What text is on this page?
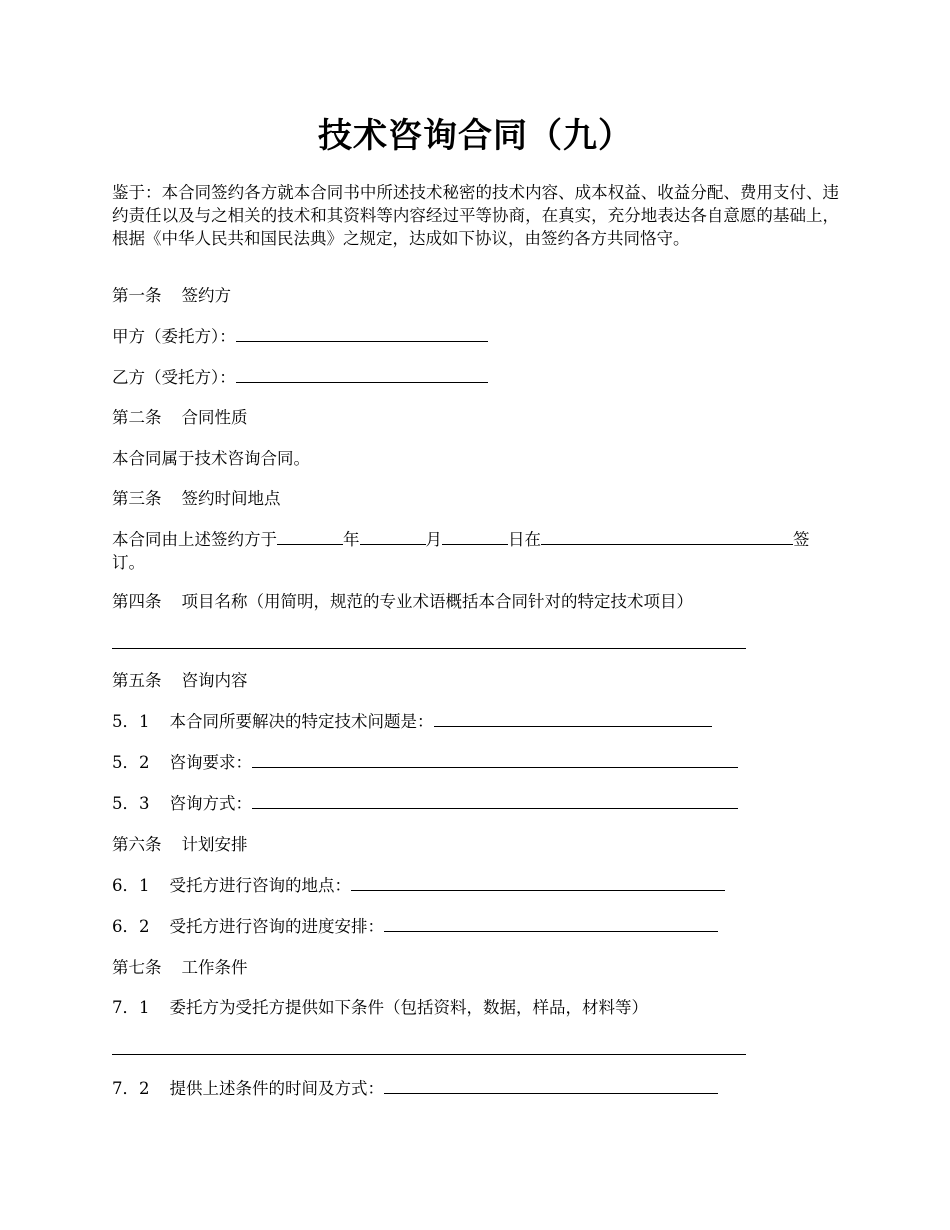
技术咨询合同（九）

鉴于：本合同签约各方就本合同书中所述技术秘密的技术内容、成本权益、收益分配、费用支付、违约责任以及与之相关的技术和其资料等内容经过平等协商，在真实，充分地表达各自意愿的基础上，根据《中华人民共和国民法典》之规定，达成如下协议，由签约各方共同恪守。

第一条 签约方

甲方（委托方）：

乙方（受托方）：

第二条 合同性质

本合同属于技术咨询合同。

第三条 签约时间地点

本合同由上述签约方于	年	月	日在	签

订。

第四条 项目名称（用简明，规范的专业术语概括本合同针对的特定技术项目）

第五条 咨询内容

5．1 本合同所要解决的特定技术问题是：

5．2 咨询要求：

5．3 咨询方式：

第六条 计划安排

6．1 受托方进行咨询的地点：

6．2 受托方进行咨询的进度安排：

第七条 工作条件

7．1 委托方为受托方提供如下条件（包括资料，数据，样品，材料等）

7．2 提供上述条件的时间及方式：
